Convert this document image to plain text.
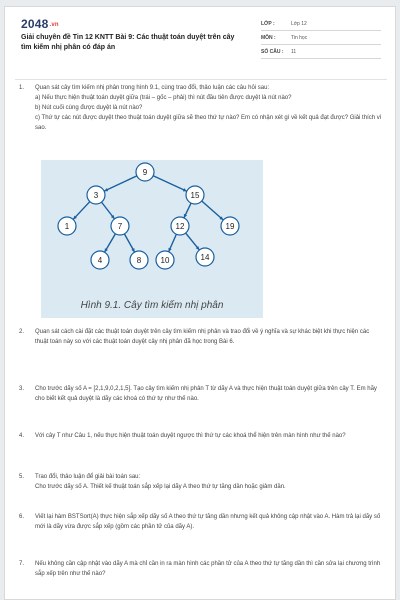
2048.vn
Giải chuyên đề Tin 12 KNTT Bài 9: Các thuật toán duyệt trên cây tìm kiếm nhị phân có đáp án
LỚP :	Lớp 12
MÔN :	Tin học
SỐ CÂU :	11
1.	Quan sát cây tìm kiếm nhị phân trong hình 9.1, cùng trao đổi, thảo luận các câu hỏi sau:

a) Nếu thực hiện thuật toán duyệt giữa (trái – gốc – phải) thì nút đầu tiên được duyệt là nút nào?

b) Nút cuối cùng được duyệt là nút nào?

c) Thứ tự các nút được duyệt theo thuật toán duyệt giữa sẽ theo thứ tự nào? Em có nhận xét gì về kết quả đạt được? Giải thích vì sao.

9
3	15
1	7	12	19
4	8 10	14
Hình 9.1. Cây tìm kiếm nhị phân
2.	Quan sát cách cài đặt các thuật toán duyệt trên cây tìm kiếm nhị phân và trao đổi về ý nghĩa và sự khác biệt khi thực hiện các thuật toán này so với các thuật toán duyệt cây nhị phân đã học trong Bài 6.

3.	Cho trước dãy số A = [2,1,9,0,2,1,5]. Tạo cây tìm kiếm nhị phân T từ dãy A và thực hiện thuật toán duyệt giữa trên cây T. Em hãy cho biết kết quả duyệt là dãy các khoá có thứ tự như thế nào.

4.	Với cây T như Câu 1, nếu thực hiện thuật toán duyệt ngược thì thứ tự các khoá thể hiện trên màn hình như thế nào?

5.	Trao đổi, thảo luận để giải bài toán sau:

Cho trước dãy số A. Thiết kế thuật toán sắp xếp lại dãy A theo thứ tự tăng dần hoặc giảm dần.

6.	Viết lại hàm BSTSort(A) thực hiện sắp xếp dãy số A theo thứ tự tăng dần nhưng kết quả không cập nhật vào A. Hàm trả lại dãy số mới là dãy vừa được sắp xếp (gồm các phần tử của dãy A).

7.	Nếu không cần cập nhật vào dãy A mà chỉ cần in ra màn hình các phần tử của A theo thứ tự tăng dần thì cần sửa lại chương trình sắp xếp trên như thế nào?
